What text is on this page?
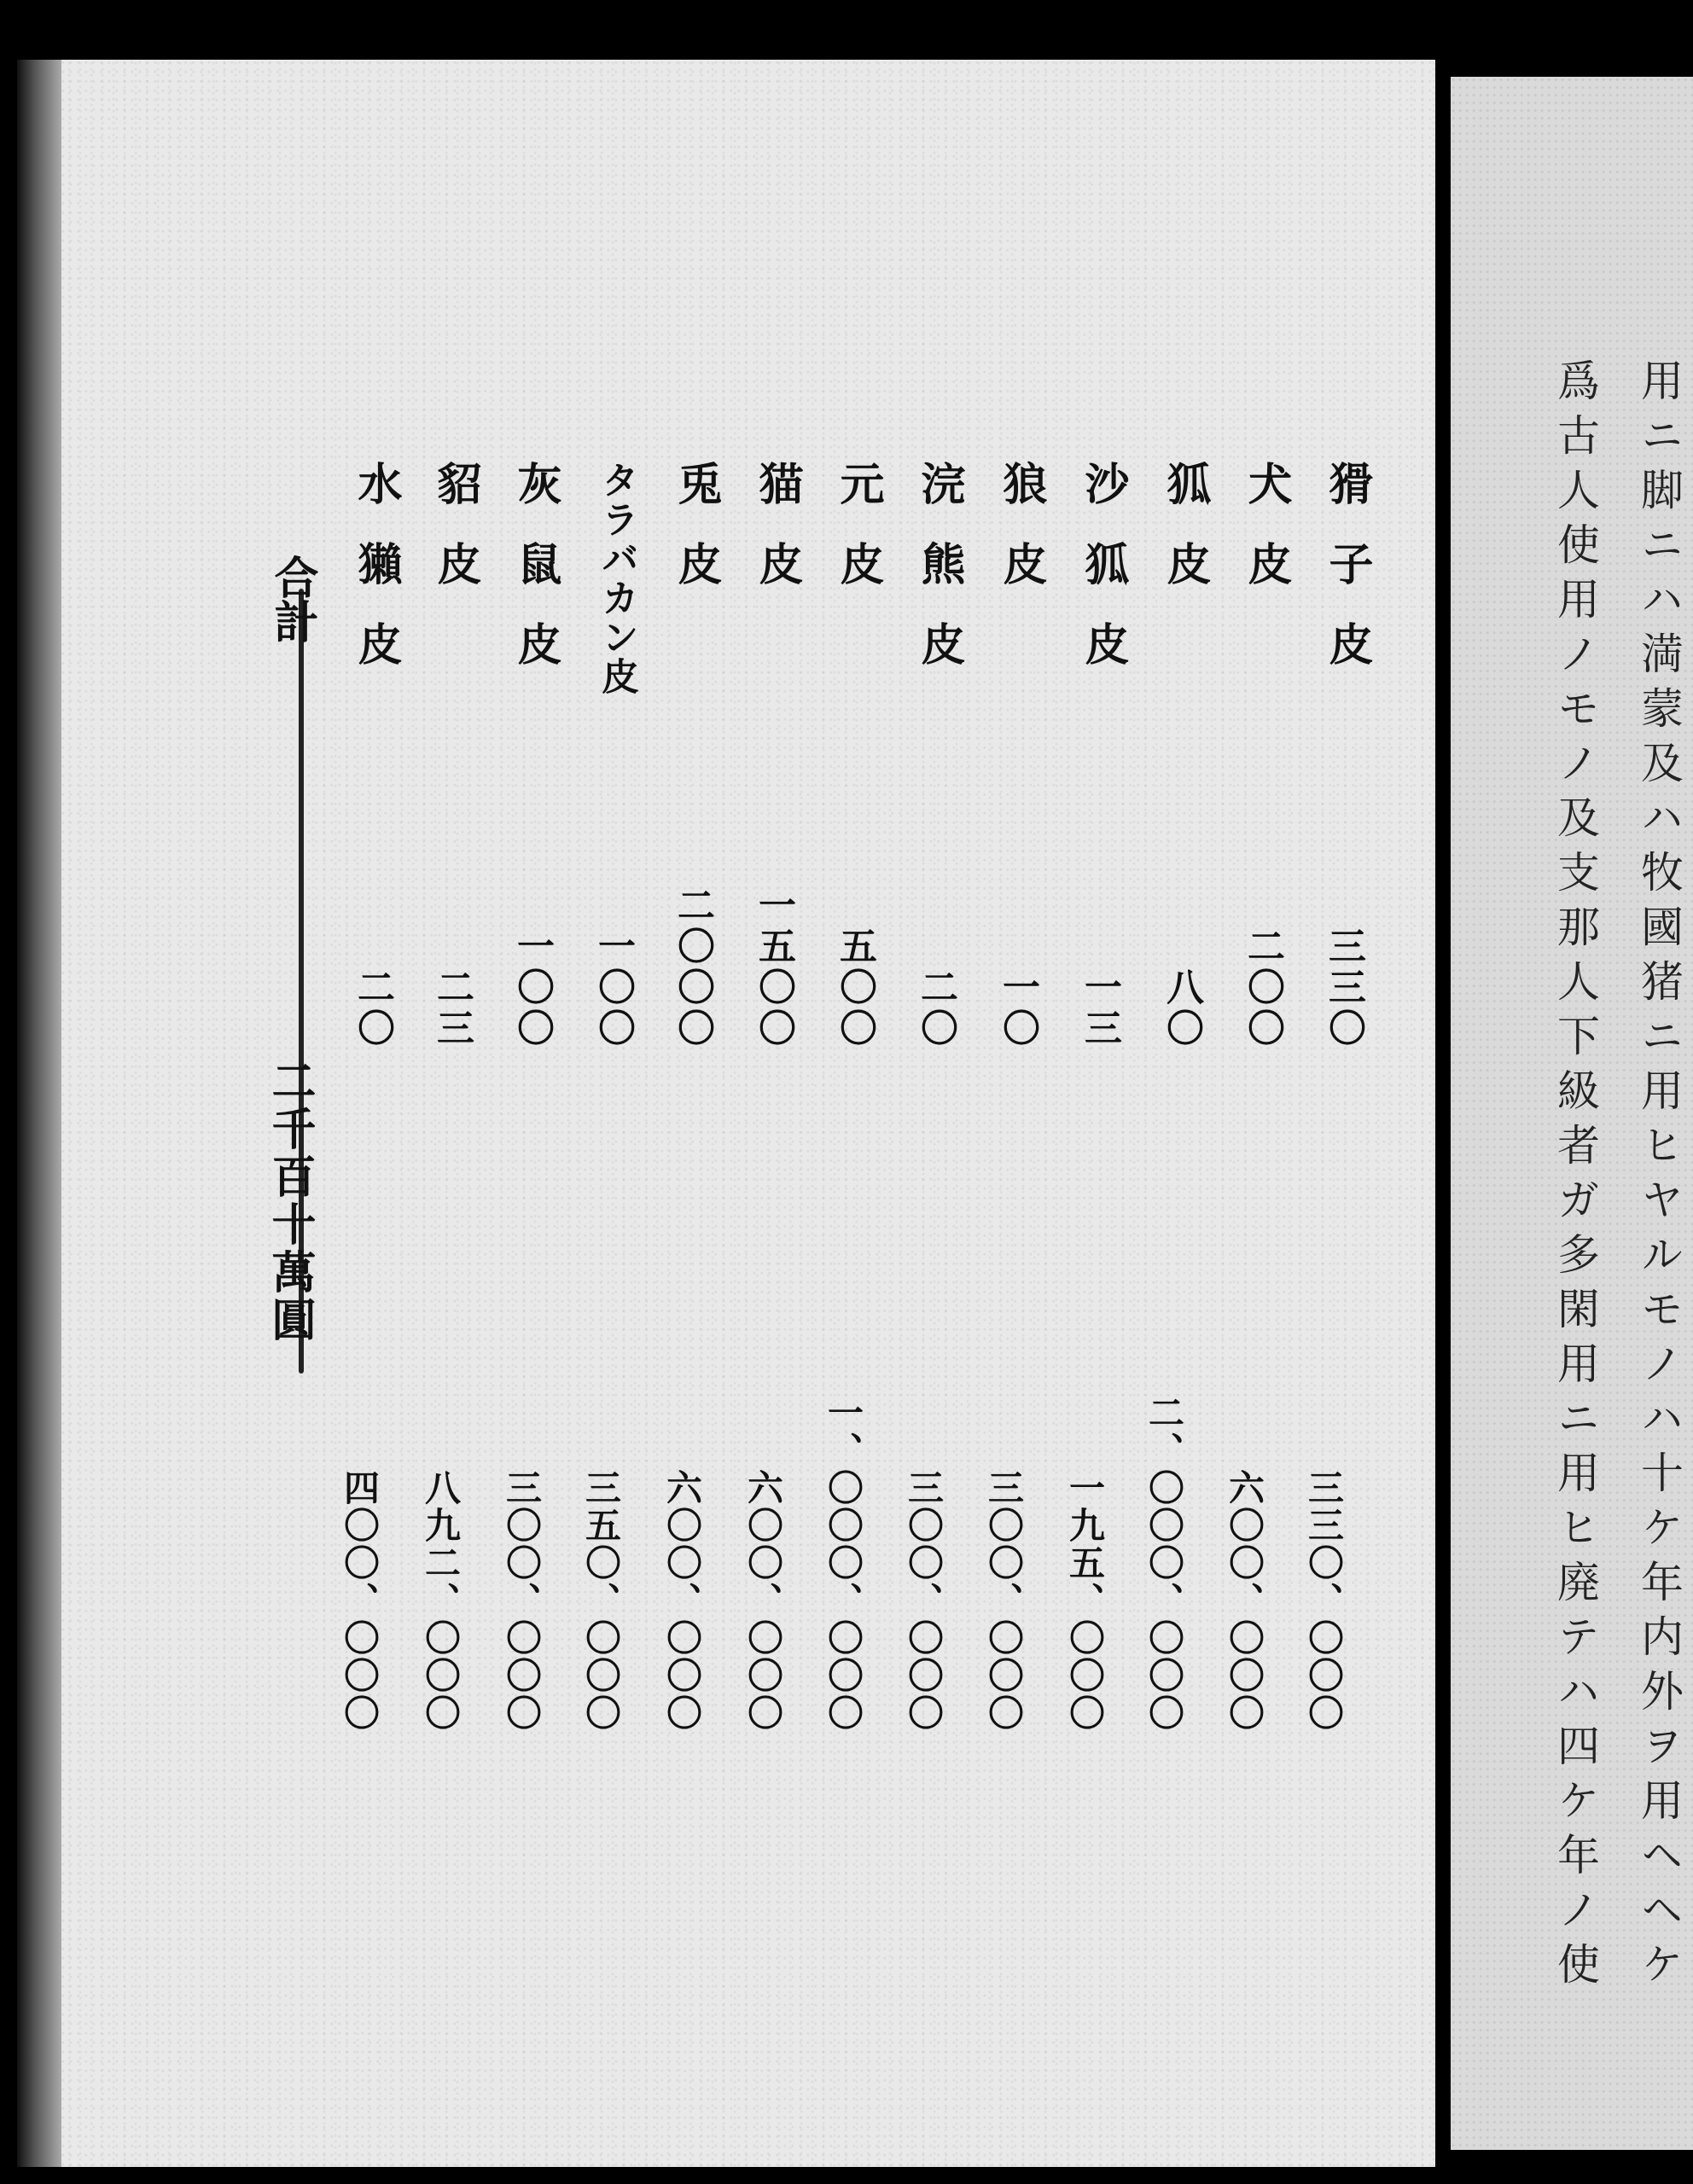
猾子皮
犬皮
狐皮
沙狐皮
狼皮
浣熊皮
元皮
猫皮
兎皮
タラバカン皮
灰鼠皮
貂皮
水獺皮
三三〇
二〇〇
八〇
一三
一〇
二〇
五〇〇
一五〇〇
二〇〇〇
一〇〇
一〇〇
二三
二〇
三三〇、〇〇〇
六〇〇、〇〇〇
二、〇〇〇、〇〇〇
一九五、〇〇〇
三〇〇、〇〇〇
三〇〇、〇〇〇
一、〇〇〇、〇〇〇
六〇〇、〇〇〇
六〇〇、〇〇〇
三五〇、〇〇〇
三〇〇、〇〇〇
八九二、〇〇〇
四〇〇、〇〇〇
合計
二千百十萬圓	用ニ脚ニハ満蒙及ハ牧國猪ニ用ヒヤルモノハ十ケ年内外ヲ用ヘヘケ
爲古人使用ノモノ及支那人下級者ガ多閑用ニ用ヒ廃テハ四ケ年ノ使
